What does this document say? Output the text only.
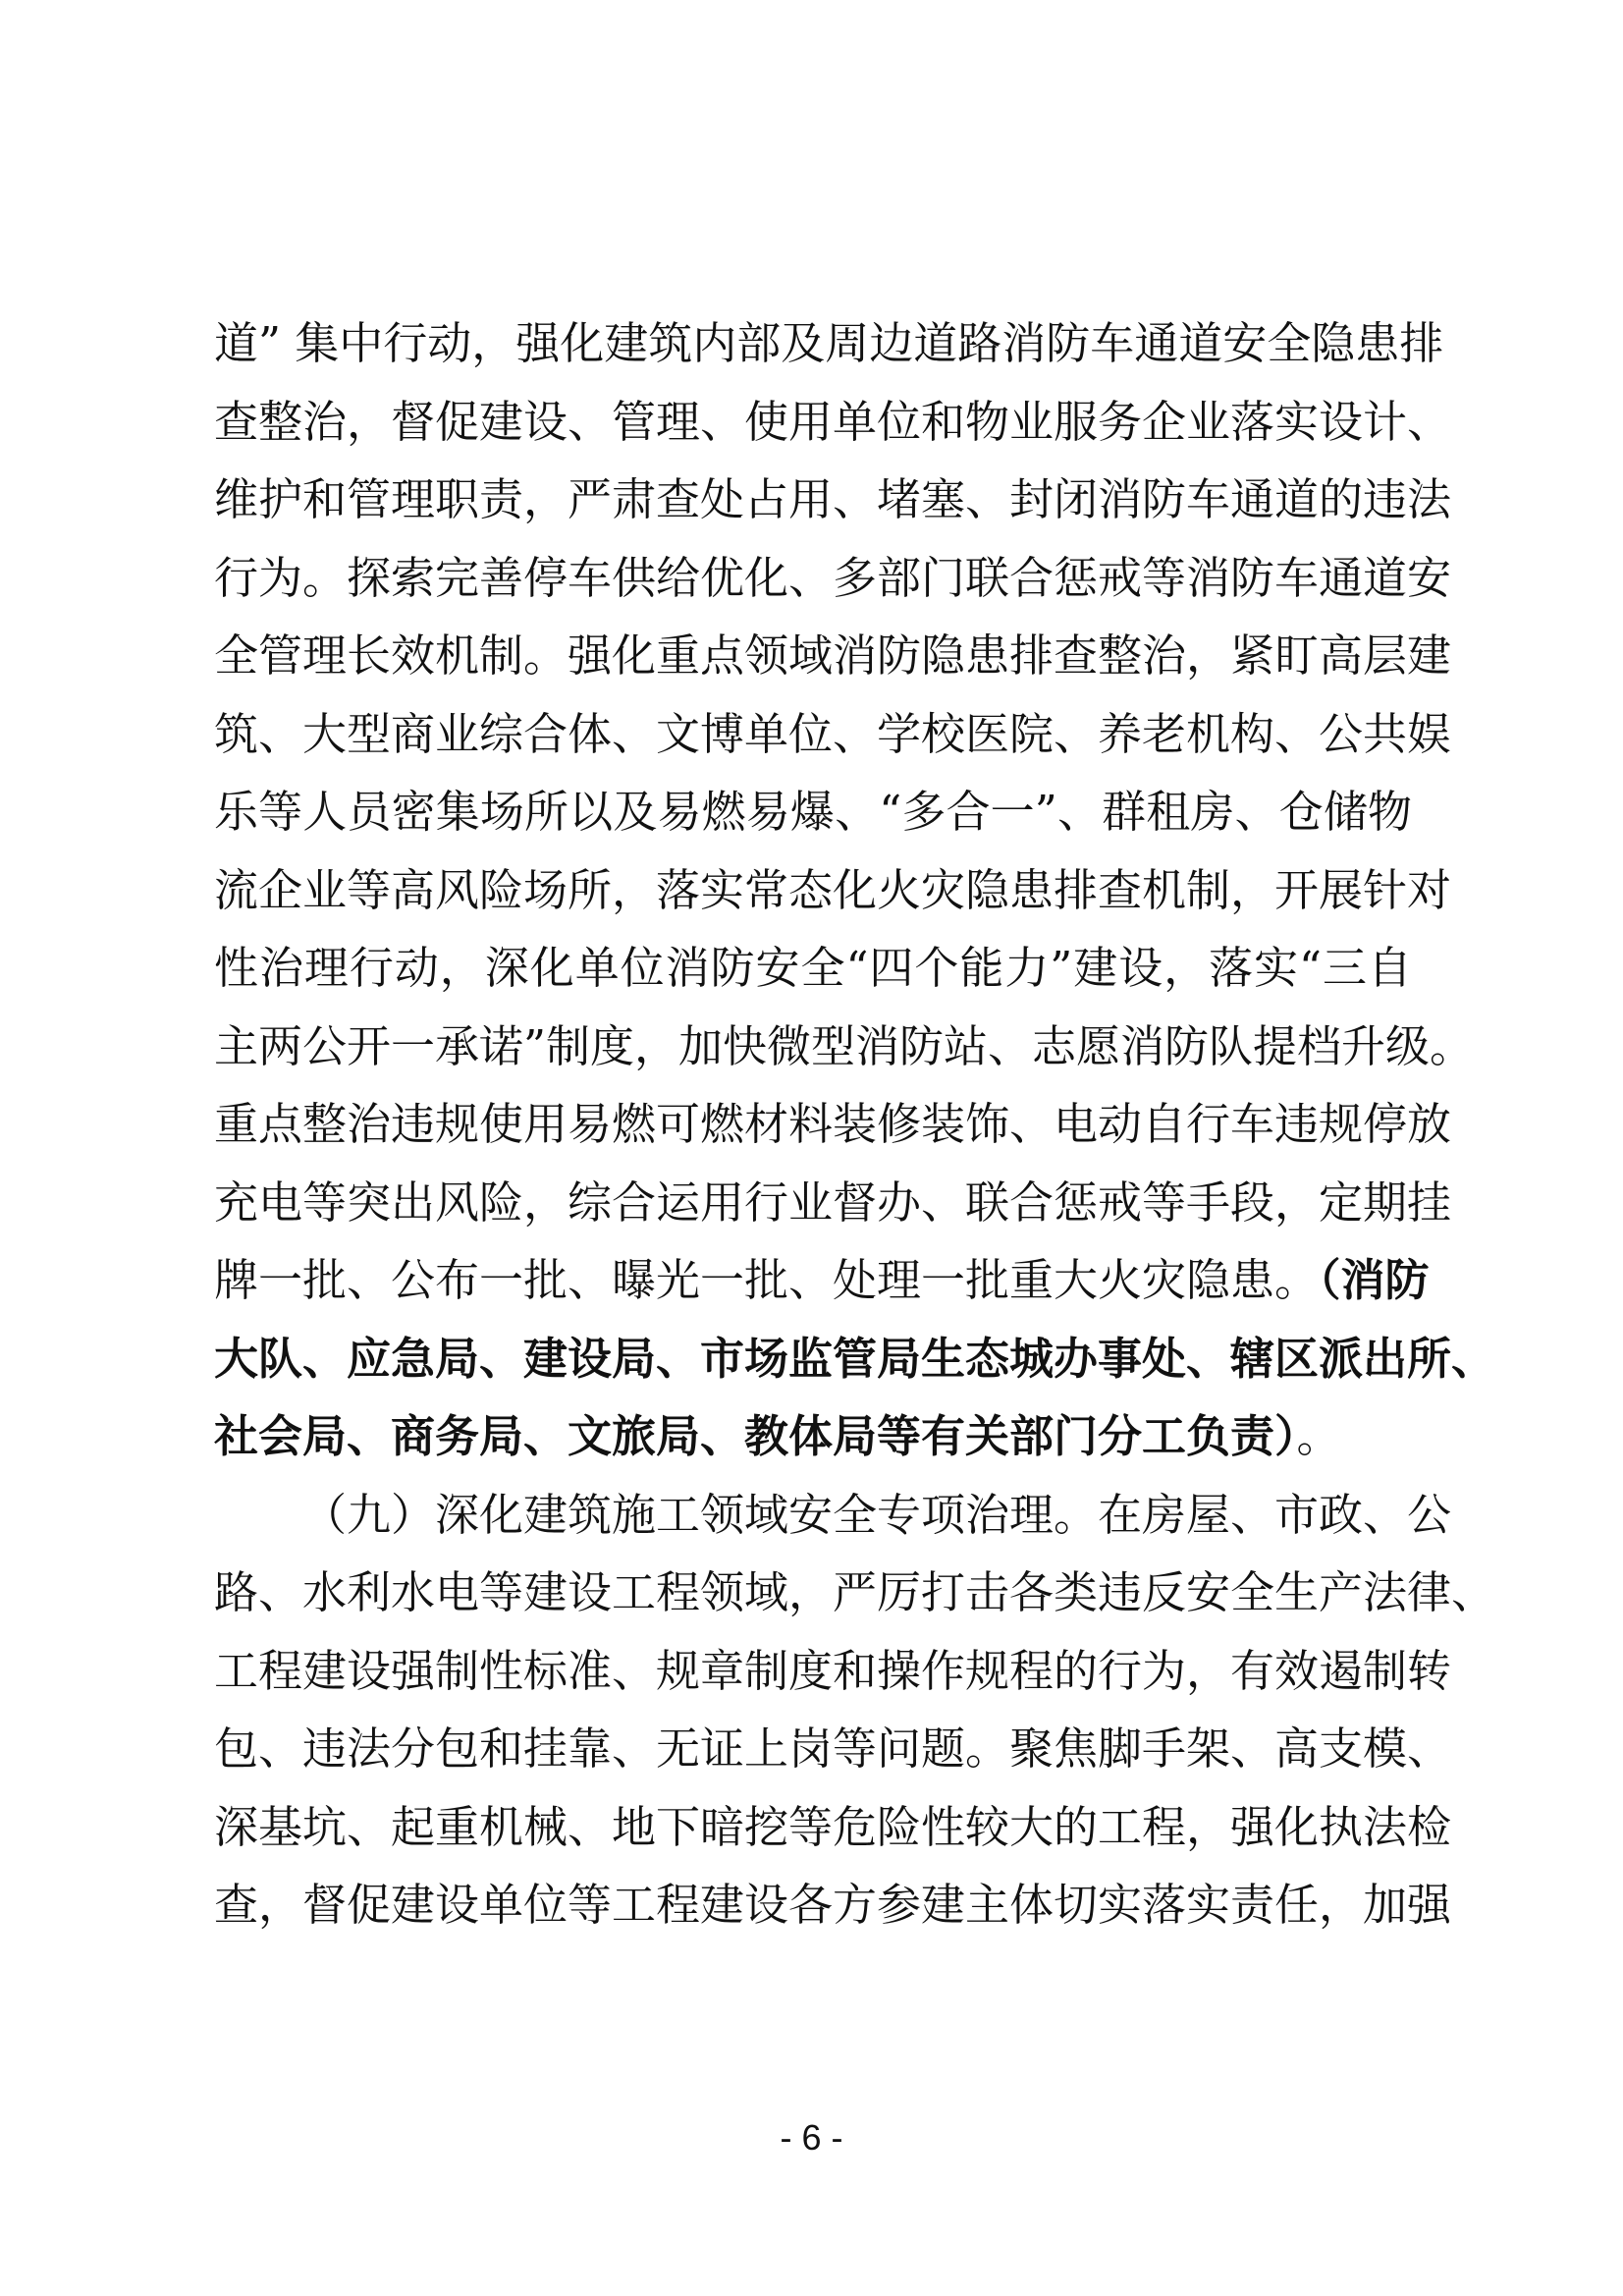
道” 集中行动，强化建筑内部及周边道路消防车通道安全隐患排
查整治，督促建设、管理、使用单位和物业服务企业落实设计、
维护和管理职责，严肃查处占用、堵塞、封闭消防车通道的违法
行为。探索完善停车供给优化、多部门联合惩戒等消防车通道安
全管理长效机制。强化重点领域消防隐患排查整治，紧盯高层建
筑、大型商业综合体、文博单位、学校医院、养老机构、公共娱
乐等人员密集场所以及易燃易爆、“多合一”、群租房、仓储物
流企业等高风险场所，落实常态化火灾隐患排查机制，开展针对
性治理行动，深化单位消防安全“四个能力”建设，落实“三自
主两公开一承诺”制度，加快微型消防站、志愿消防队提档升级。
重点整治违规使用易燃可燃材料装修装饰、电动自行车违规停放
充电等突出风险，综合运用行业督办、联合惩戒等手段，定期挂
牌一批、公布一批、曝光一批、处理一批重大火灾隐患。（消防
大队、应急局、建设局、市场监管局生态城办事处、辖区派出所、
社会局、商务局、文旅局、教体局等有关部门分工负责）。
（九）深化建筑施工领域安全专项治理。在房屋、市政、公
路、水利水电等建设工程领域，严厉打击各类违反安全生产法律、
工程建设强制性标准、规章制度和操作规程的行为，有效遏制转
包、违法分包和挂靠、无证上岗等问题。聚焦脚手架、高支模、
深基坑、起重机械、地下暗挖等危险性较大的工程，强化执法检
查，督促建设单位等工程建设各方参建主体切实落实责任，加强
- 6 -
